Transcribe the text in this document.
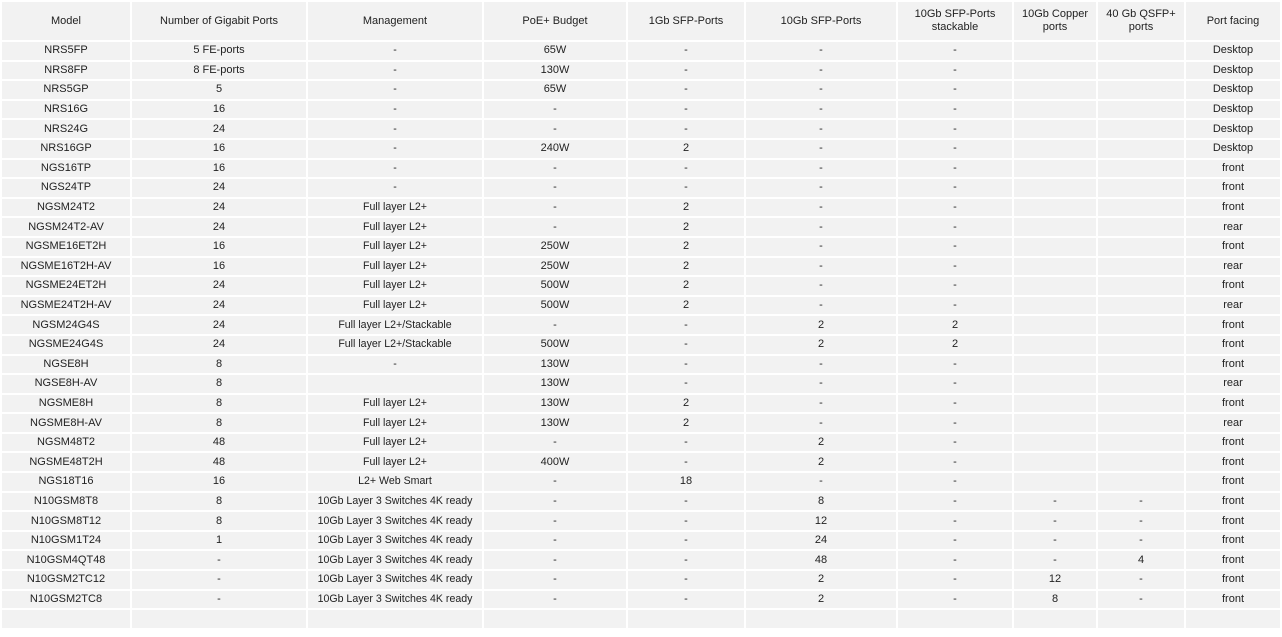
Model	Number of Gigabit Ports	Management	PoE+ Budget	1Gb SFP-Ports	10Gb SFP-Ports	10Gb SFP-Ports stackable	10Gb Copper ports	40 Gb QSFP+ ports	Port facing
NRS5FP	5 FE-ports	-	65W	-	-	-			Desktop
NRS8FP	8 FE-ports	-	130W	-	-	-			Desktop
NRS5GP	5	-	65W	-	-	-			Desktop
NRS16G	16	-	-	-	-	-			Desktop
NRS24G	24	-	-	-	-	-			Desktop
NRS16GP	16	-	240W	2	-	-			Desktop
NGS16TP	16	-	-	-	-	-			front
NGS24TP	24	-	-	-	-	-			front
NGSM24T2	24	Full layer L2+	-	2	-	-			front
NGSM24T2-AV	24	Full layer L2+	-	2	-	-			rear
NGSME16ET2H	16	Full layer L2+	250W	2	-	-			front
NGSME16T2H-AV	16	Full layer L2+	250W	2	-	-			rear
NGSME24ET2H	24	Full layer L2+	500W	2	-	-			front
NGSME24T2H-AV	24	Full layer L2+	500W	2	-	-			rear
NGSM24G4S	24	Full layer L2+/Stackable	-	-	2	2			front
NGSME24G4S	24	Full layer L2+/Stackable	500W	-	2	2			front
NGSE8H	8	-	130W	-	-	-			front
NGSE8H-AV	8		130W	-	-	-			rear
NGSME8H	8	Full layer L2+	130W	2	-	-			front
NGSME8H-AV	8	Full layer L2+	130W	2	-	-			rear
NGSM48T2	48	Full layer L2+	-	-	2	-			front
NGSME48T2H	48	Full layer L2+	400W	-	2	-			front
NGS18T16	16	L2+ Web Smart	-	18	-	-			front
N10GSM8T8	8	10Gb Layer 3 Switches 4K ready	-	-	8	-	-	-	front
N10GSM8T12	8	10Gb Layer 3 Switches 4K ready	-	-	12	-	-	-	front
N10GSM1T24	1	10Gb Layer 3 Switches 4K ready	-	-	24	-	-	-	front
N10GSM4QT48	-	10Gb Layer 3 Switches 4K ready	-	-	48	-	-	4	front
N10GSM2TC12	-	10Gb Layer 3 Switches 4K ready	-	-	2	-	12	-	front
N10GSM2TC8	-	10Gb Layer 3 Switches 4K ready	-	-	2	-	8	-	front
